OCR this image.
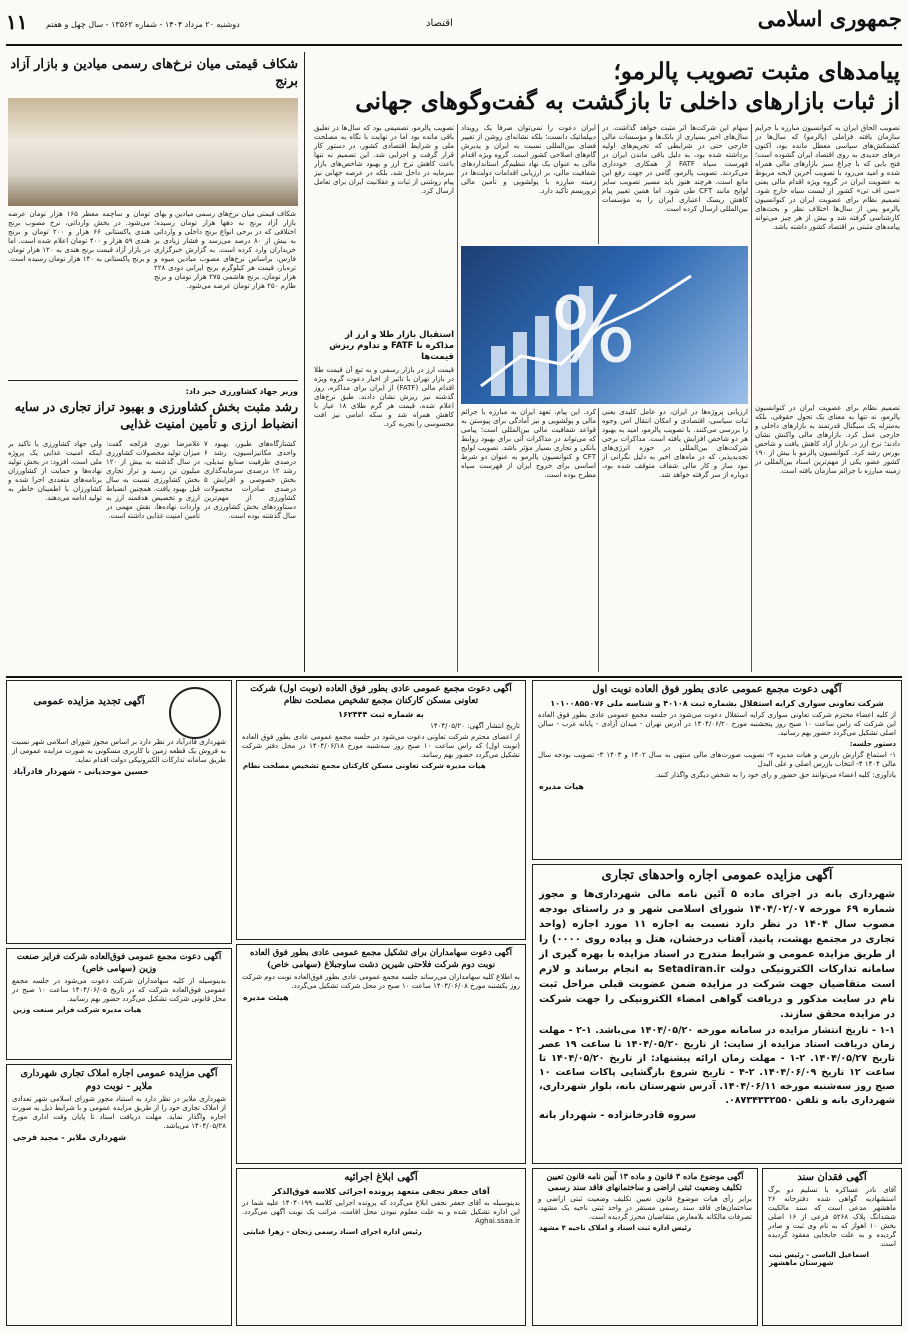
جمهوری اسلامی
اقتصاد
دوشنبه ۲۰ مرداد ۱۴۰۴ - شماره ۱۳۵۶۲ - سال چهل و هفتم
۱۱
پیامدهای مثبت تصویب پالرمو؛
از ثبات بازارهای داخلی تا بازگشت به گفت‌وگوهای جهانی
تصویب الحاق ایران به کنوانسیون مبارزه با جرایم سازمان یافته فراملی (پالرمو) که سال‌ها در کشمکش‌های سیاسی معطل مانده بود، اکنون درهای جدیدی به روی اقتصاد ایران گشوده است؛ فتح بابی که با چراغ سبز بازارهای مالی همراه شده و امید می‌رود با تصویب آخرین لایحه مربوط به عضویت ایران در گروه ویژه اقدام مالی یعنی «سی اف تی» کشور از لیست سیاه خارج شود. تصمیم نظام برای عضویت ایران در کنوانسیون پالرمو پس از سال‌ها اختلاف نظر و بحث‌های کارشناسی گرفته شد و بیش از هر چیز می‌تواند پیامدهای مثبتی بر اقتصاد کشور داشته باشد.
سهام این شرکت‌ها اثر مثبت خواهد گذاشت. در سال‌های اخیر بسیاری از بانک‌ها و مؤسسات مالی خارجی حتی در شرایطی که تحریم‌های اولیه برداشته شده بود، به دلیل باقی ماندن ایران در فهرست سیاه FATF از همکاری خودداری می‌کردند. تصویب پالرمو، گامی در جهت رفع این مانع است، هرچند هنوز باید مسیر تصویب سایر لوایح مانند CFT طی شود. اما همین تغییر پیام کاهش ریسک اعتباری ایران را به مؤسسات بین‌المللی ارسال کرده است.
ایران دعوت را نمی‌توان صرفاً یک رویداد دیپلماتیک دانست؛ بلکه نشانه‌ای روشن از تغییر فضای بین‌المللی نسبت به ایران و پذیرش گام‌های اصلاحی کشور است. گروه ویژه اقدام مالی به عنوان یک نهاد تنظیم‌گر استانداردهای شفافیت مالی، بر ارزیابی اقدامات دولت‌ها در زمینه مبارزه با پولشویی و تأمین مالی تروریسم تأکید دارد.
تصویب پالرمو، تصمیمی بود که سال‌ها در تعلیق باقی مانده بود اما در نهایت با نگاه به مصلحت ملی و شرایط اقتصادی کشور، در دستور کار قرار گرفت و اجرایی شد. این تصمیم نه تنها باعث کاهش نرخ ارز و بهبود شاخص‌های بازار سرمایه در داخل شد، بلکه در عرصه جهانی نیز پیام روشنی از ثبات و عقلانیت ایران برای تعامل ارسال کرد.
%
تصمیم نظام برای عضویت ایران در کنوانسیون پالرمو، نه تنها به معنای یک تحول حقوقی، بلکه به‌منزله یک سیگنال قدرتمند به بازارهای داخلی و خارجی عمل کرد. بازارهای مالی واکنش نشان دادند؛ نرخ ارز در بازار آزاد کاهش یافت و شاخص بورس رشد کرد. کنوانسیون پالرمو با بیش از ۱۹۰ کشور عضو، یکی از مهم‌ترین اسناد بین‌المللی در زمینه مبارزه با جرائم سازمان یافته است.
ارزیابی پروژه‌ها در ایران، دو عامل کلیدی یعنی ثبات سیاسی، اقتصادی و امکان انتقال امن وجوه را بررسی می‌کنند. با تصویب پالرمو، امید به بهبود هر دو شاخص افزایش یافته است. مذاکرات برخی شرکت‌های بین‌المللی در حوزه انرژی‌های تجدیدپذیر، که در ماه‌های اخیر به دلیل نگرانی از نبود ساز و کار مالی شفاف متوقف شده بود، دوباره از سر گرفته خواهد شد.
کرد. این پیام، تعهد ایران به مبارزه با جرائم مالی و پولشویی و نیز آمادگی برای پیوستن به قواعد شفافیت مالی بین‌المللی است؛ پیامی که می‌تواند در مذاکرات آتی برای بهبود روابط بانکی و تجاری بسیار مؤثر باشد. تصویب لوایح CFT و کنوانسیون پالرمو به عنوان دو شرط اساسی برای خروج ایران از فهرست سیاه مطرح بوده است.
استقبال بازار طلا و ارز از مذاکره با FATF و تداوم ریزش قیمت‌ها
قیمت ارز در بازار رسمی و به تبع آن قیمت طلا در بازار تهران با تاثیر از اخبار دعوت گروه ویژه اقدام مالی (FATF) از ایران برای مذاکره، روز گذشته نیز ریزش نشان دادند. طبق نرخ‌های اعلام شده، قیمت هر گرم طلای ۱۸ عیار با کاهش همراه شد و سکه امامی نیز افت محسوسی را تجربه کرد.
شکاف قیمتی میان نرخ‌های رسمی میادین و بازار آزاد برنج
شکاف قیمتی میان نرخ‌های رسمی میادین و بهای بازار آزاد برنج به دهها هزار تومان رسیده؛ اختلافی که در برخی انواع برنج داخلی و وارداتی به بیش از ۸۰ درصد می‌رسد و فشار زیادی بر خریداران وارد کرده است. به گزارش خبرگزاری فارس، براساس نرخ‌های مصوب میادین میوه و تره‌بار، قیمت هر کیلوگرم برنج ایرانی دودی ۲۲۸ هزار تومان، برنج هاشمی ۲۷۵ هزار تومان و برنج طارم ۲۵۰ هزار تومان عرضه می‌شود.
تومان و ساچمه معطر ۱۶۵ هزار تومان عرضه می‌شود. در بخش وارداتی، نرخ مصوب برنج هندی پاکستانی ۶۶ هزار و ۲۰۰ تومان و برنج هندی ۵۹ هزار و ۴۰۰ تومان اعلام شده است. اما در بازار آزاد قیمت برنج هندی به ۱۲۰ هزار تومان و برنج پاکستانی به ۱۴۰ هزار تومان رسیده است.
وزیر جهاد کشاورزی خبر داد:
رشد مثبت بخش کشاورزی و بهبود تراز تجاری در سایه انضباط ارزی و تأمین امنیت غذایی
کشتارگاه‌های طیور، بهبود ۷ واحدی مکانیزاسیون، رشد ۶ درصدی ظرفیت صنایع تبدیلی، رشد ۱۲ درصدی سرمایه‌گذاری بخش خصوصی و افزایش ۵ درصدی صادرات محصولات کشاورزی از مهم‌ترین دستاوردهای بخش کشاورزی در سال گذشته بوده است.
غلامرضا نوری قزلجه گفت: میزان تولید محصولات کشاورزی در سال گذشته به بیش از ۱۲۰ میلیون تن رسید و تراز تجاری بخش کشاورزی نسبت به سال قبل بهبود یافت. همچنین انضباط ارزی و تخصیص هدفمند ارز به واردات نهاده‌ها، نقش مهمی در تأمین امنیت غذایی داشته است.
ولی جهاد کشاورزی با تاکید بر اینکه امنیت غذایی یک پروژه ملی است، افزود: در بخش تولید نهاده‌ها و حمایت از کشاورزان برنامه‌های متعددی اجرا شده و کشاورزان با اطمینان خاطر به تولید ادامه می‌دهند.
آگهی دعوت مجمع عمومی عادی بطور فوق العاده نوبت اول
شرکت تعاونی سواری کرایه استقلال بشماره ثبت ۴۰۱۰۸ و شناسه ملی ۱۰۱۰۰۸۵۵۰۷۶

از کلیه اعضاء محترم شرکت تعاونی سواری کرایه استقلال دعوت می‌شود در جلسه مجمع عمومی عادی بطور فوق العاده این شرکت که راس ساعت ۱۰ صبح روز پنجشنبه مورخ ۱۴۰۴/۰۶/۲۰ در آدرس تهران - میدان آزادی - پایانه غرب - سالن اصلی تشکیل می‌گردد حضور بهم رسانید.

دستور جلسه:

۱- استماع گزارش بازرس و هیات مدیره ۲- تصویب صورت‌های مالی منتهی به سال ۱۴۰۲ و ۱۴۰۳ ۳- تصویب بودجه سال مالی ۱۴۰۴ ۴- انتخاب بازرس اصلی و علی البدل

یادآوری: کلیه اعضاء می‌توانند حق حضور و رای خود را به شخص دیگری واگذار کنند.

هیات مدیره
آگهی دعوت مجمع عمومی عادی بطور فوق العاده (نوبت اول) شرکت تعاونی مسکن کارکنان مجمع تشخیص مصلحت نظام
به شماره ثبت ۱۶۲۴۴۴

تاریخ انتشار آگهی: ۱۴۰۴/۰۵/۲۰

از اعضای محترم شرکت تعاونی دعوت می‌شود در جلسه مجمع عمومی عادی بطور فوق العاده (نوبت اول) که راس ساعت ۱۰ صبح روز سه‌شنبه مورخ ۱۴۰۴/۰۶/۱۸ در محل دفتر شرکت تشکیل می‌گردد حضور بهم رسانند.

هیات مدیره شرکت تعاونی مسکن کارکنان مجمع تشخیص مصلحت نظام
آگهی تجدید مزایده عمومی

شهرداری قادرآباد در نظر دارد بر اساس مجوز شورای اسلامی شهر نسبت به فروش یک قطعه زمین با کاربری مسکونی به صورت مزایده عمومی از طریق سامانه تدارکات الکترونیکی دولت اقدام نماید.

حسین موحدیانی - شهردار قادرآباد
آگهی مزایده عمومی اجاره واحدهای تجاری
شهرداری بانه در اجرای ماده ۵ آئین نامه مالی شهرداری‌ها و مجوز شماره ۶۹ مورخه ۱۴۰۴/۰۲/۰۷ شورای اسلامی شهر و در راستای بودجه مصوب سال ۱۴۰۴ در نظر دارد نسبت به اجاره ۱۱ مورد اجاره (واحد تجاری در مجتمع بهشت، پانیذ، آفتاب درخشان، هتل و پیاده روی ۰۰۰۰) را از طریق مزایده عمومی و شرایط مندرج در اسناد مزایده با بهره گیری از سامانه تدارکات الکترونیکی دولت Setadiran.ir به انجام برساند و لازم است متقاضیان جهت شرکت در مزایده ضمن عضویت قبلی مراحل ثبت نام در سایت مذکور و دریافت گواهی امضاء الکترونیکی را جهت شرکت در مزایده محقق سازند.
۱-۱ - تاریخ انتشار مزایده در سامانه مورخه ۱۴۰۴/۰۵/۲۰ می‌باشد. ۱-۲ - مهلت زمان دریافت اسناد مزایده از سایت: از تاریخ ۱۴۰۴/۰۵/۲۰ تا ساعت ۱۹ عصر تاریخ ۱۴۰۴/۰۵/۲۷. ۲-۱ - مهلت زمان ارائه پیشنهاد: از تاریخ ۱۴۰۴/۰۵/۲۰ تا ساعت ۱۲ تاریخ ۱۴۰۴/۰۶/۰۹. ۲-۴ - تاریخ شروع بازگشایی پاکات ساعت ۱۰ صبح روز سه‌شنبه مورخه ۱۴۰۴/۰۶/۱۱. آدرس شهرستان بانه، بلوار شهرداری، شهرداری بانه و تلفن ۰۸۷۳۴۳۳۲۵۵۰.
سروه قادرخانزاده - شهردار بانه
آگهی دعوت سهامداران برای تشکیل مجمع عمومی عادی بطور فوق العاده نوبت دوم شرکت فلاحتی شیرین دشت ساوجبلاغ (سهامی خاص)

به اطلاع کلیه سهامداران می‌رساند جلسه مجمع عمومی عادی بطور فوق‌العاده نوبت دوم شرکت روز یکشنبه مورخ ۱۴۰۴/۰۶/۰۸ ساعت ۱۰ صبح در محل شرکت تشکیل می‌گردد.

هیئت مدیره
آگهی دعوت مجمع عمومی فوق‌العاده شرکت فرایر صنعت وزین (سهامی خاص)

بدینوسیله از کلیه سهامداران شرکت دعوت می‌شود در جلسه مجمع عمومی فوق‌العاده شرکت که در تاریخ ۱۴۰۴/۰۶/۰۵ ساعت ۱۰ صبح در محل قانونی شرکت تشکیل می‌گردد حضور بهم رسانید.

هیات مدیره شرکت فرایر صنعت وزین
آگهی مزایده عمومی اجاره املاک تجاری شهرداری ملایر - نوبت دوم

شهرداری ملایر در نظر دارد به استناد مجوز شورای اسلامی شهر تعدادی از املاک تجاری خود را از طریق مزایده عمومی و با شرایط ذیل به صورت اجاره واگذار نماید. مهلت دریافت اسناد تا پایان وقت اداری مورخ ۱۴۰۴/۰۵/۲۸ می‌باشد.

شهرداری ملایر - مجید فرجی
آگهی فقدان سند

آقای نادر عساکره با تسلیم دو برگ استشهادیه گواهی شده دفترخانه ۲۶ ماهشهر مدعی است که سند مالکیت ششدانگ پلاک ۵۲۶۸ فرعی از ۱۶ اصلی بخش ۱۰ اهواز که به نام وی ثبت و صادر گردیده و به علت جابجایی مفقود گردیده است.

اسماعیل الیاسی - رئیس ثبت شهرستان ماهشهر
آگهی موضوع ماده ۳ قانون و ماده ۱۳ آیین نامه قانون تعیین تکلیف وضعیت ثبتی اراضی و ساختمانهای فاقد سند رسمی

برابر رأی هیات موضوع قانون تعیین تکلیف وضعیت ثبتی اراضی و ساختمان‌های فاقد سند رسمی مستقر در واحد ثبتی ناحیه یک مشهد، تصرفات مالکانه بلامعارض متقاضیان محرز گردیده است.

رئیس اداره ثبت اسناد و املاک ناحیه ۴ مشهد
آگهی ابلاغ اجرائیه
آقای جعفر نجفی متعهد پرونده اجرائی کلاسه فوق‌الذکر

بدینوسیله به آقای جعفر نجفی ابلاغ می‌گردد که پرونده اجرایی کلاسه ۱۴۰۴۰۱۹۹ علیه شما در این اداره تشکیل شده و به علت معلوم نبودن محل اقامت، مراتب یک نوبت آگهی می‌گردد. Aghai.ssaa.ir

رئیس اداره اجرای اسناد رسمی زنجان - زهرا عنایتی
